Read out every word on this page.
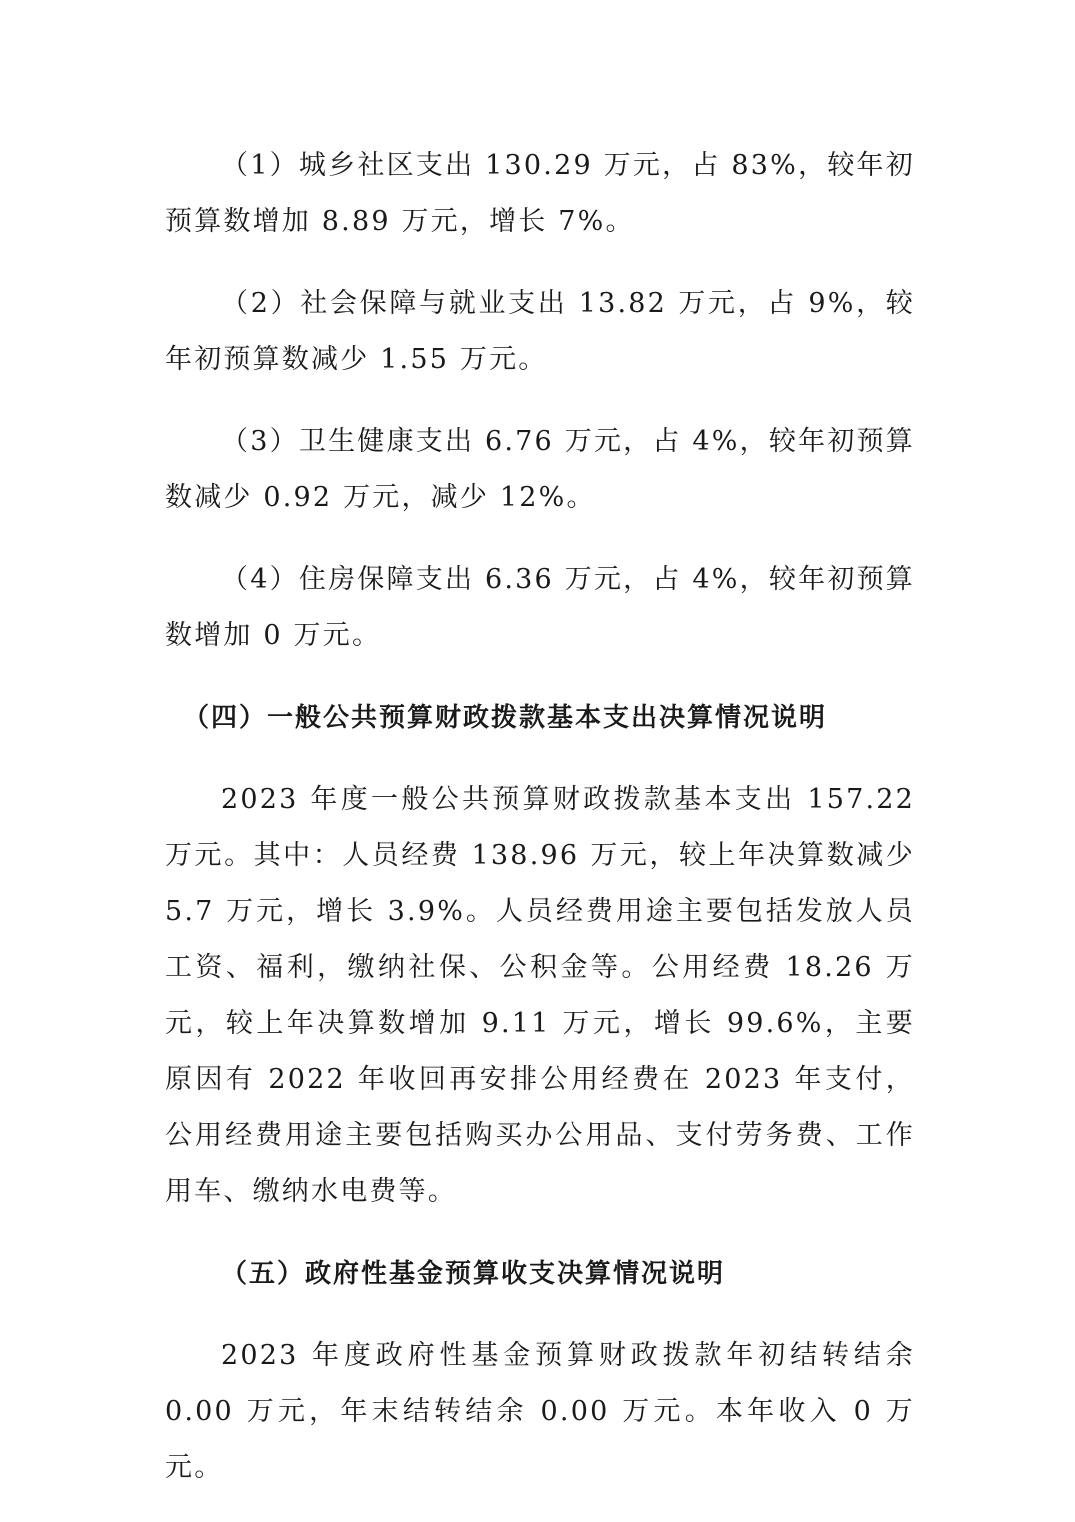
（1）城乡社区支出 130.29 万元，占 83%，较年初预算数增加 8.89 万元，增长 7%。

（2）社会保障与就业支出 13.82 万元，占 9%，较年初预算数减少 1.55 万元。

（3）卫生健康支出 6.76 万元，占 4%，较年初预算数减少 0.92 万元，减少 12%。

（4）住房保障支出 6.36 万元，占 4%，较年初预算数增加 0 万元。

（四）一般公共预算财政拨款基本支出决算情况说明

2023 年度一般公共预算财政拨款基本支出 157.22 万元。其中：人员经费 138.96 万元，较上年决算数减少 5.7 万元，增长 3.9%。人员经费用途主要包括发放人员工资、福利，缴纳社保、公积金等。公用经费 18.26 万元，较上年决算数增加 9.11 万元，增长 99.6%，主要原因有 2022 年收回再安排公用经费在 2023 年支付，公用经费用途主要包括购买办公用品、支付劳务费、工作用车、缴纳水电费等。

（五）政府性基金预算收支决算情况说明

2023 年度政府性基金预算财政拨款年初结转结余 0.00 万元，年末结转结余 0.00 万元。本年收入 0 万元。
